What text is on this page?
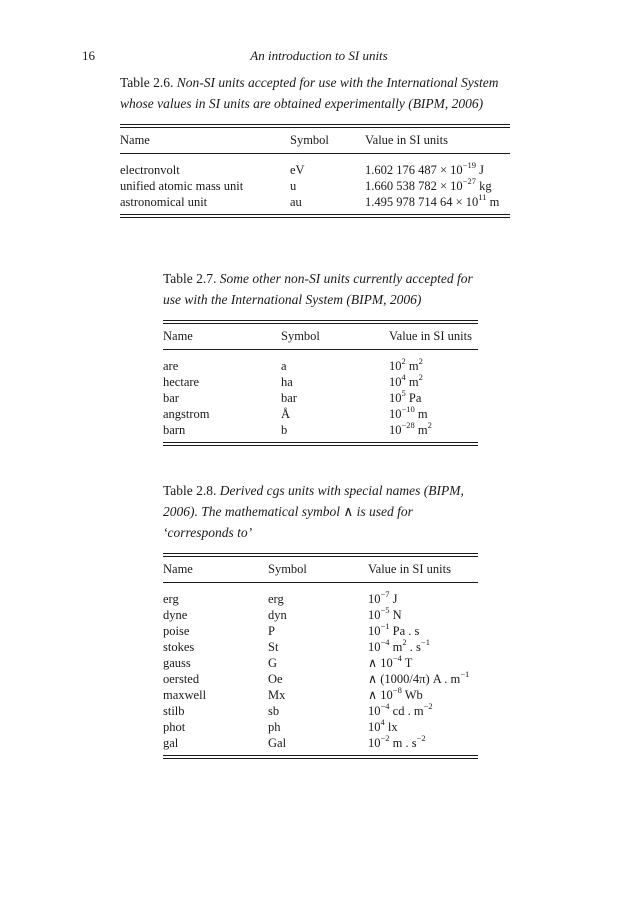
16	An introduction to SI units

Table 2.6. Non-SI units accepted for use with the International System whose values in SI units are obtained experimentally (BIPM, 2006)

Name	Symbol	Value in SI units
electronvolt	eV	1.602 176 $487 \times 10^{-19}$ J
unified atomic mass unit	u	1.660 538 $782 \times 10^{-27}$ kg
astronomical unit	au	1.495 978 714 $64 \times 10^{11}$ m

Table 2.7. Some other non-SI units currently accepted for use with the International System (BIPM, 2006)

Name	Symbol	Value in SI units
are	a	$10^2$ $m^2$
hectare	ha	$10^4$ $m^2$
bar	bar	$10^5$ Pa
angstrom	Å	$10^{-10}$ m
barn	b	$10^{-28}$ $m^2$

Table 2.8. Derived cgs units with special names (BIPM, 2006). The mathematical symbol ∧ is used for ‘corresponds to’

Name	Symbol	Value in SI units
erg	erg	$10^{-7}$ J
dyne	dyn	$10^{-5}$ N
poise	P	$10^{-1}$ Pa . s
stokes	St	$10^{-4}$ $m^2$ . $s^{-1}$
gauss	G	∧ $10^{-4}$ T
oersted	Oe	∧ (1000/4π) A . $m^{-1}$
maxwell	Mx	∧ $10^{-8}$ Wb
stilb	sb	$10^{-4}$ cd . $m^{-2}$
phot	ph	$10^4$ lx
gal	Gal	$10^{-2}$ m . $s^{-2}$
